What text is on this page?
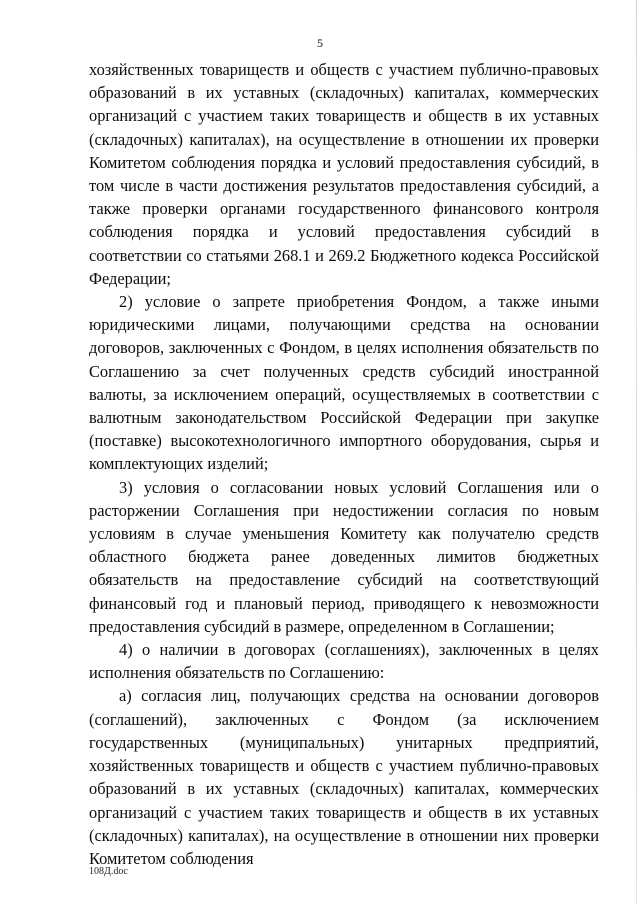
5

хозяйственных товариществ и обществ с участием публично-правовых образований в их уставных (складочных) капиталах, коммерческих организаций с участием таких товариществ и обществ в их уставных (складочных) капиталах), на осуществление в отношении их проверки Комитетом соблюдения порядка и условий предоставления субсидий, в том числе в части достижения результатов предоставления субсидий, а также проверки органами государственного финансового контроля соблюдения порядка и условий предоставления субсидий в соответствии со статьями 268.1 и 269.2 Бюджетного кодекса Российской Федерации;

2) условие о запрете приобретения Фондом, а также иными юридическими лицами, получающими средства на основании договоров, заключенных с Фондом, в целях исполнения обязательств по Соглашению за счет полученных средств субсидий иностранной валюты, за исключением операций, осуществляемых в соответствии с валютным законодательством Российской Федерации при закупке (поставке) высокотехнологичного импортного оборудования, сырья и комплектующих изделий;

3) условия о согласовании новых условий Соглашения или о расторжении Соглашения при недостижении согласия по новым условиям в случае уменьшения Комитету как получателю средств областного бюджета ранее доведенных лимитов бюджетных обязательств на предоставление субсидий на соответствующий финансовый год и плановый период, приводящего к невозможности предоставления субсидий в размере, определенном в Соглашении;

4) о наличии в договорах (соглашениях), заключенных в целях исполнения обязательств по Соглашению:

а) согласия лиц, получающих средства на основании договоров (соглашений), заключенных с Фондом (за исключением государственных (муниципальных) унитарных предприятий, хозяйственных товариществ и обществ с участием публично-правовых образований в их уставных (складочных) капиталах, коммерческих организаций с участием таких товариществ и обществ в их уставных (складочных) капиталах), на осуществление в отношении них проверки Комитетом соблюдения

108Д.doc
